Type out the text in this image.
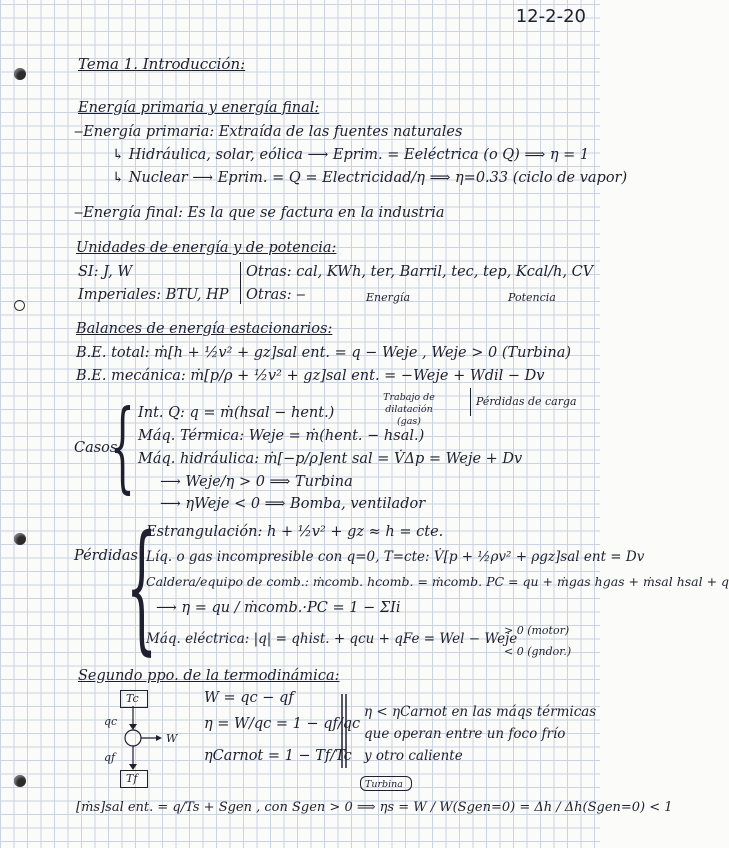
12-2-20
Tema 1. Introducción:
Energía primaria y energía final:
‒Energía primaria: Extraída de las fuentes naturales
↳ Hidráulica, solar, eólica ⟶ Eprim. = Eeléctrica (o Q) ⟹ η = 1
↳ Nuclear ⟶ Eprim. = Q = Electricidad/η ⟹ η=0.33 (ciclo de vapor)
‒Energía final: Es la que se factura en la industria
Unidades de energía y de potencia:
SI: J, W	Otras: cal, KWh, ter, Barril, tec, tep, Kcal/h, CV
Imperiales: BTU, HP Otras: ‒	Energía	Potencia
Balances de energía estacionarios:
B.E. total: ṁ[h + ½v² + gz]sal ent. = q − Weje , Weje > 0 (Turbina)
B.E. mecánica: ṁ[p/ρ + ½v² + gz]sal ent. = −Weje + Wdil − Dv
Trabajo de dilatación (gas)
Pérdidas de carga
Casos
{ Int. Q: q = ṁ(hsal − hent.)
Máq. Térmica: Weje = ṁ(hent. − hsal.)
Máq. hidráulica: ṁ[−p/ρ]ent sal = V̇Δp = Weje + Dv
⟶ Weje/η > 0 ⟹ Turbina
⟶ ηWeje < 0 ⟹ Bomba, ventilador
Pérdidas
{
Estrangulación: h + ½v² + gz ≈ h = cte.
Líq. o gas incompresible con q=0, T=cte: V̇[p + ½ρv² + ρgz]sal ent = Dv
Caldera/equipo de comb.: ṁcomb. hcomb. = ṁcomb. PC = qu + ṁgas hgas + ṁsal hsal + q
⟶ η = qu / ṁcomb.·PC = 1 − ΣIi
Máq. eléctrica: |q| = qhist. + qcu + qFe = Wel − Weje
> 0 (motor)
< 0 (gndor.)
Segundo ppo. de la termodinámica:
Tc
Tf
qc
qf
W
W = qc − qf
η = W/qc = 1 − qf/qc
ηCarnot = 1 − Tf/Tc
η < ηCarnot en las máqs térmicas
que operan entre un foco frío
y otro caliente
Turbina
[ṁs]sal ent. = q/Ts + Sgen , con Sgen > 0 ⟹ ηs = W / W(Sgen=0) = Δh / Δh(Sgen=0) < 1
